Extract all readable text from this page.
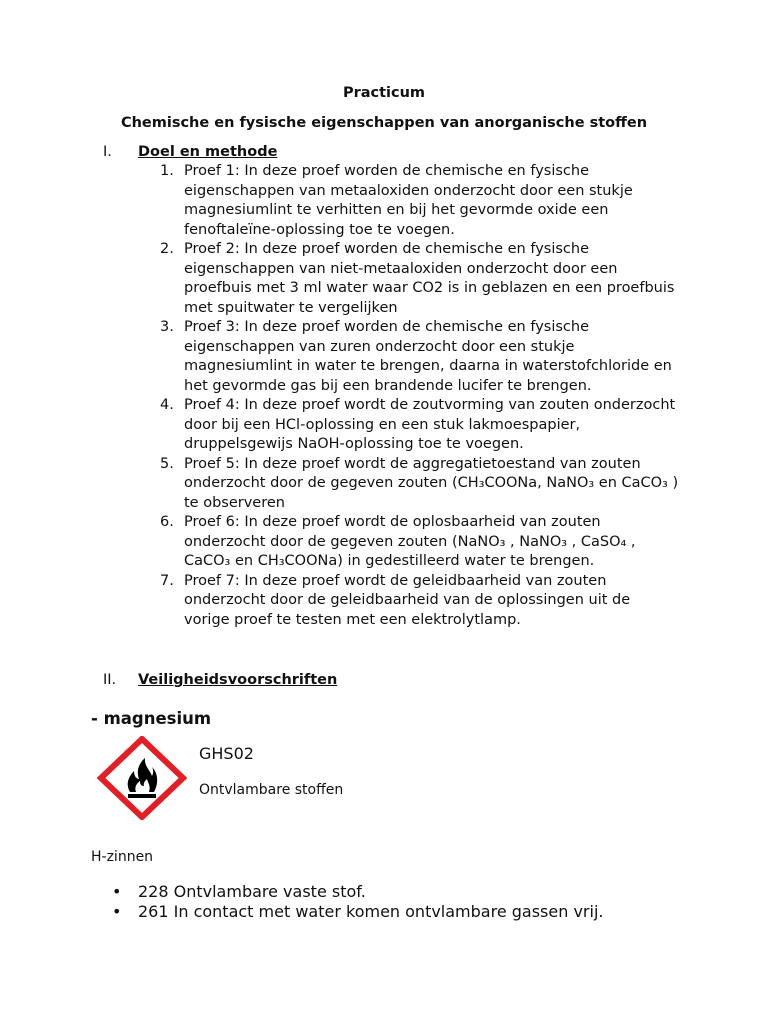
Practicum
Chemische en fysische eigenschappen van anorganische stoffen
I. Doel en methode
1. Proef 1: In deze proef worden de chemische en fysische eigenschappen van metaaloxiden onderzocht door een stukje magnesiumlint te verhitten en bij het gevormde oxide een fenoftaleïne-oplossing toe te voegen.
2. Proef 2: In deze proef worden de chemische en fysische eigenschappen van niet-metaaloxiden onderzocht door een proefbuis met 3 ml water waar CO2 is in geblazen en een proefbuis met spuitwater te vergelijken
3. Proef 3: In deze proef worden de chemische en fysische eigenschappen van zuren onderzocht door een stukje magnesiumlint in water te brengen, daarna in waterstofchloride en het gevormde gas bij een brandende lucifer te brengen.
4. Proef 4: In deze proef wordt de zoutvorming van zouten onderzocht door bij een HCl-oplossing en een stuk lakmoespapier, druppelsgewijs NaOH-oplossing toe te voegen.
5. Proef 5: In deze proef wordt de aggregatietoestand van zouten onderzocht door de gegeven zouten (CH₃COONa, NaNO₃ en CaCO₃ ) te observeren
6. Proef 6: In deze proef wordt de oplosbaarheid van zouten onderzocht door de gegeven zouten (NaNO₃ , NaNO₃ , CaSO₄ , CaCO₃ en CH₃COONa) in gedestilleerd water te brengen.
7. Proef 7: In deze proef wordt de geleidbaarheid van zouten onderzocht door de geleidbaarheid van de oplossingen uit de vorige proef te testen met een elektrolytlamp.
II. Veiligheidsvoorschriften
- magnesium
GHS02
Ontvlambare stoffen
H-zinnen
•	228 Ontvlambare vaste stof.
•	261 In contact met water komen ontvlambare gassen vrij.
